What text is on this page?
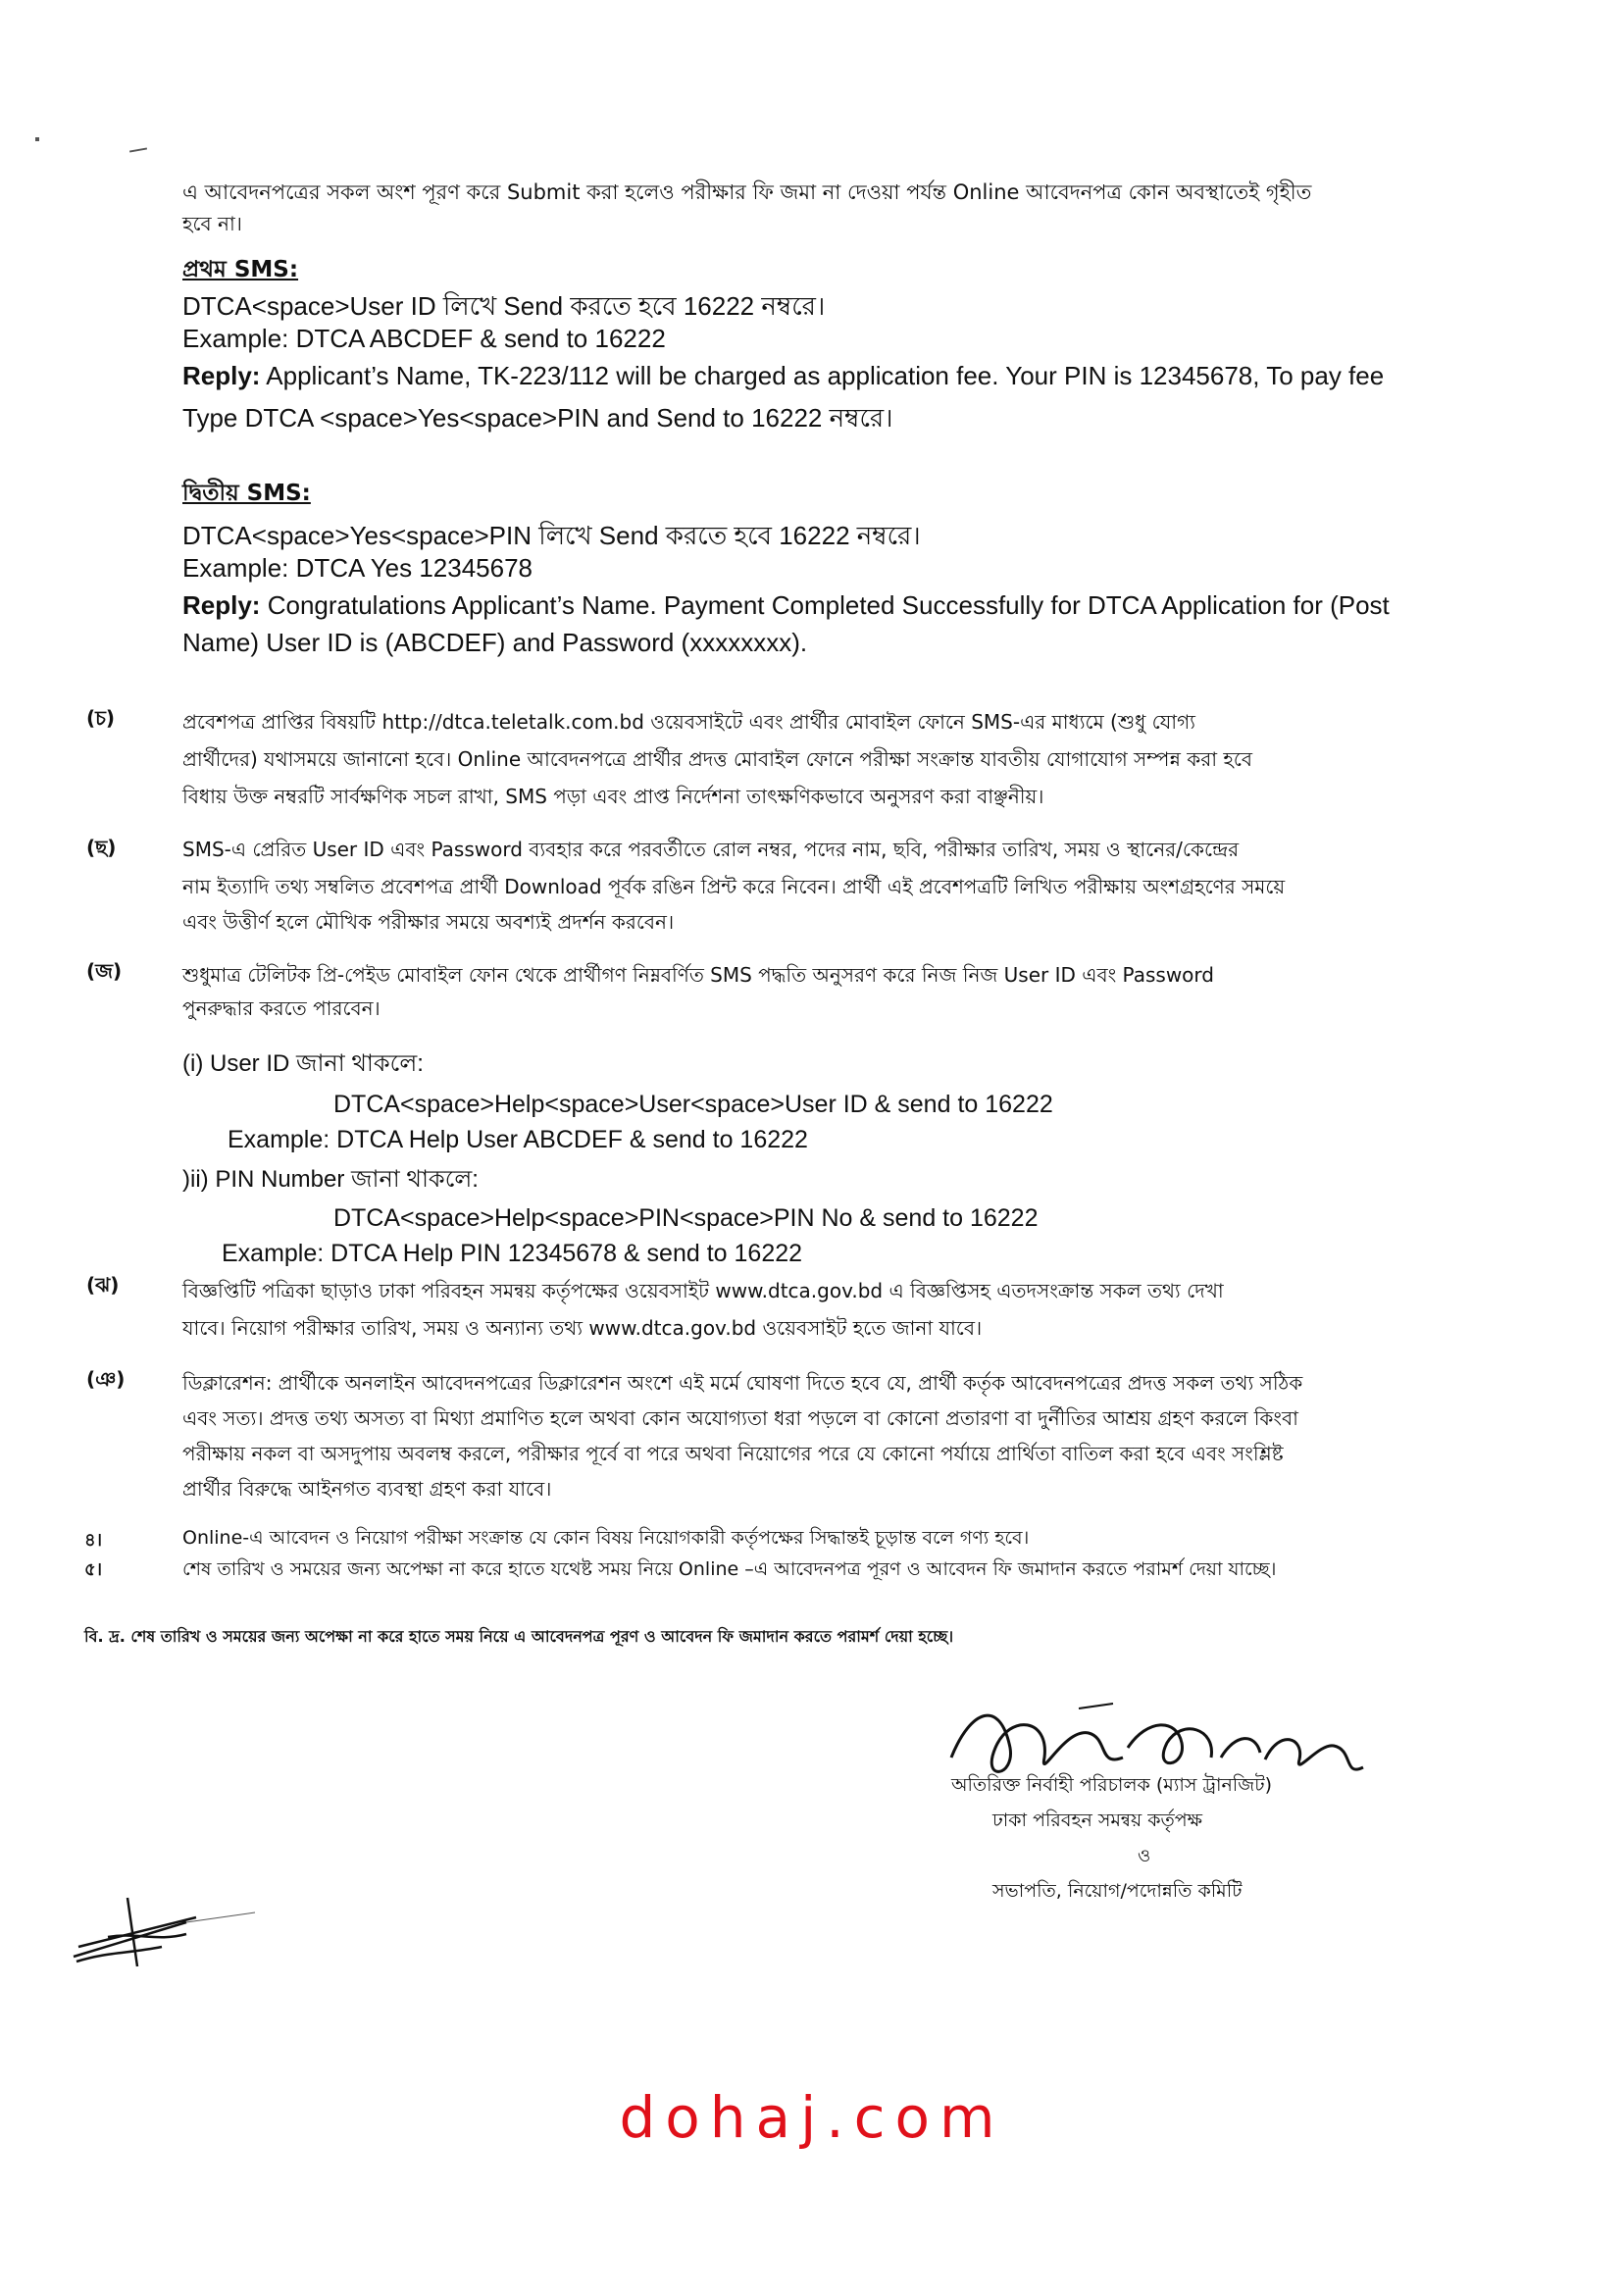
এ আবেদনপত্রের সকল অংশ পূরণ করে Submit করা হলেও পরীক্ষার ফি জমা না দেওয়া পর্যন্ত Online আবেদনপত্র কোন অবস্থাতেই গৃহীত
হবে না।
প্রথম SMS:
DTCA<space>User ID লিখে Send করতে হবে 16222 নম্বরে।
Example: DTCA ABCDEF & send to 16222
Reply: Applicant’s Name, TK-223/112 will be charged as application fee. Your PIN is 12345678, To pay fee
Type DTCA <space>Yes<space>PIN and Send to 16222 নম্বরে।
দ্বিতীয় SMS:
DTCA<space>Yes<space>PIN লিখে Send করতে হবে 16222 নম্বরে।
Example: DTCA Yes 12345678
Reply: Congratulations Applicant’s Name. Payment Completed Successfully for DTCA Application for (Post
Name) User ID is (ABCDEF) and Password (xxxxxxxx).
(চ)	প্রবেশপত্র প্রাপ্তির বিষয়টি http://dtca.teletalk.com.bd ওয়েবসাইটে এবং প্রার্থীর মোবাইল ফোনে SMS-এর মাধ্যমে (শুধু যোগ্য
প্রার্থীদের) যথাসময়ে জানানো হবে। Online আবেদনপত্রে প্রার্থীর প্রদত্ত মোবাইল ফোনে পরীক্ষা সংক্রান্ত যাবতীয় যোগাযোগ সম্পন্ন করা হবে
বিধায় উক্ত নম্বরটি সার্বক্ষণিক সচল রাখা, SMS পড়া এবং প্রাপ্ত নির্দেশনা তাৎক্ষণিকভাবে অনুসরণ করা বাঞ্ছনীয়।
(ছ)	SMS-এ প্রেরিত User ID এবং Password ব্যবহার করে পরবর্তীতে রোল নম্বর, পদের নাম, ছবি, পরীক্ষার তারিখ, সময় ও স্থানের/কেন্দ্রের
নাম ইত্যাদি তথ্য সম্বলিত প্রবেশপত্র প্রার্থী Download পূর্বক রঙিন প্রিন্ট করে নিবেন। প্রার্থী এই প্রবেশপত্রটি লিখিত পরীক্ষায় অংশগ্রহণের সময়ে
এবং উত্তীর্ণ হলে মৌখিক পরীক্ষার সময়ে অবশ্যই প্রদর্শন করবেন।
(জ)	শুধুমাত্র টেলিটক প্রি-পেইড মোবাইল ফোন থেকে প্রার্থীগণ নিম্নবর্ণিত SMS পদ্ধতি অনুসরণ করে নিজ নিজ User ID এবং Password
পুনরুদ্ধার করতে পারবেন।
(i) User ID জানা থাকলে:
DTCA<space>Help<space>User<space>User ID & send to 16222
Example: DTCA Help User ABCDEF & send to 16222
)ii) PIN Number জানা থাকলে:
DTCA<space>Help<space>PIN<space>PIN No & send to 16222
Example: DTCA Help PIN 12345678 & send to 16222
(ঝ)	বিজ্ঞপ্তিটি পত্রিকা ছাড়াও ঢাকা পরিবহন সমন্বয় কর্তৃপক্ষের ওয়েবসাইট www.dtca.gov.bd এ বিজ্ঞপ্তিসহ এতদসংক্রান্ত সকল তথ্য দেখা
যাবে। নিয়োগ পরীক্ষার তারিখ, সময় ও অন্যান্য তথ্য www.dtca.gov.bd ওয়েবসাইট হতে জানা যাবে।
(ঞ)	ডিক্লারেশন: প্রার্থীকে অনলাইন আবেদনপত্রের ডিক্লারেশন অংশে এই মর্মে ঘোষণা দিতে হবে যে, প্রার্থী কর্তৃক আবেদনপত্রের প্রদত্ত সকল তথ্য সঠিক
এবং সত্য। প্রদত্ত তথ্য অসত্য বা মিথ্যা প্রমাণিত হলে অথবা কোন অযোগ্যতা ধরা পড়লে বা কোনো প্রতারণা বা দুর্নীতির আশ্রয় গ্রহণ করলে কিংবা
পরীক্ষায় নকল বা অসদুপায় অবলম্ব করলে, পরীক্ষার পূর্বে বা পরে অথবা নিয়োগের পরে যে কোনো পর্যায়ে প্রার্থিতা বাতিল করা হবে এবং সংশ্লিষ্ট
প্রার্থীর বিরুদ্ধে আইনগত ব্যবস্থা গ্রহণ করা যাবে।
৪।	Online-এ আবেদন ও নিয়োগ পরীক্ষা সংক্রান্ত যে কোন বিষয় নিয়োগকারী কর্তৃপক্ষের সিদ্ধান্তই চূড়ান্ত বলে গণ্য হবে।
৫।	শেষ তারিখ ও সময়ের জন্য অপেক্ষা না করে হাতে যথেষ্ট সময় নিয়ে Online –এ আবেদনপত্র পূরণ ও আবেদন ফি জমাদান করতে পরামর্শ দেয়া যাচ্ছে।
বি. দ্র. শেষ তারিখ ও সময়ের জন্য অপেক্ষা না করে হাতে সময় নিয়ে এ আবেদনপত্র পূরণ ও আবেদন ফি জমাদান করতে পরামর্শ দেয়া হচ্ছে।
অতিরিক্ত নির্বাহী পরিচালক (ম্যাস ট্রানজিট)
ঢাকা পরিবহন সমন্বয় কর্তৃপক্ষ
ও
সভাপতি, নিয়োগ/পদোন্নতি কমিটি
dohaj.com
